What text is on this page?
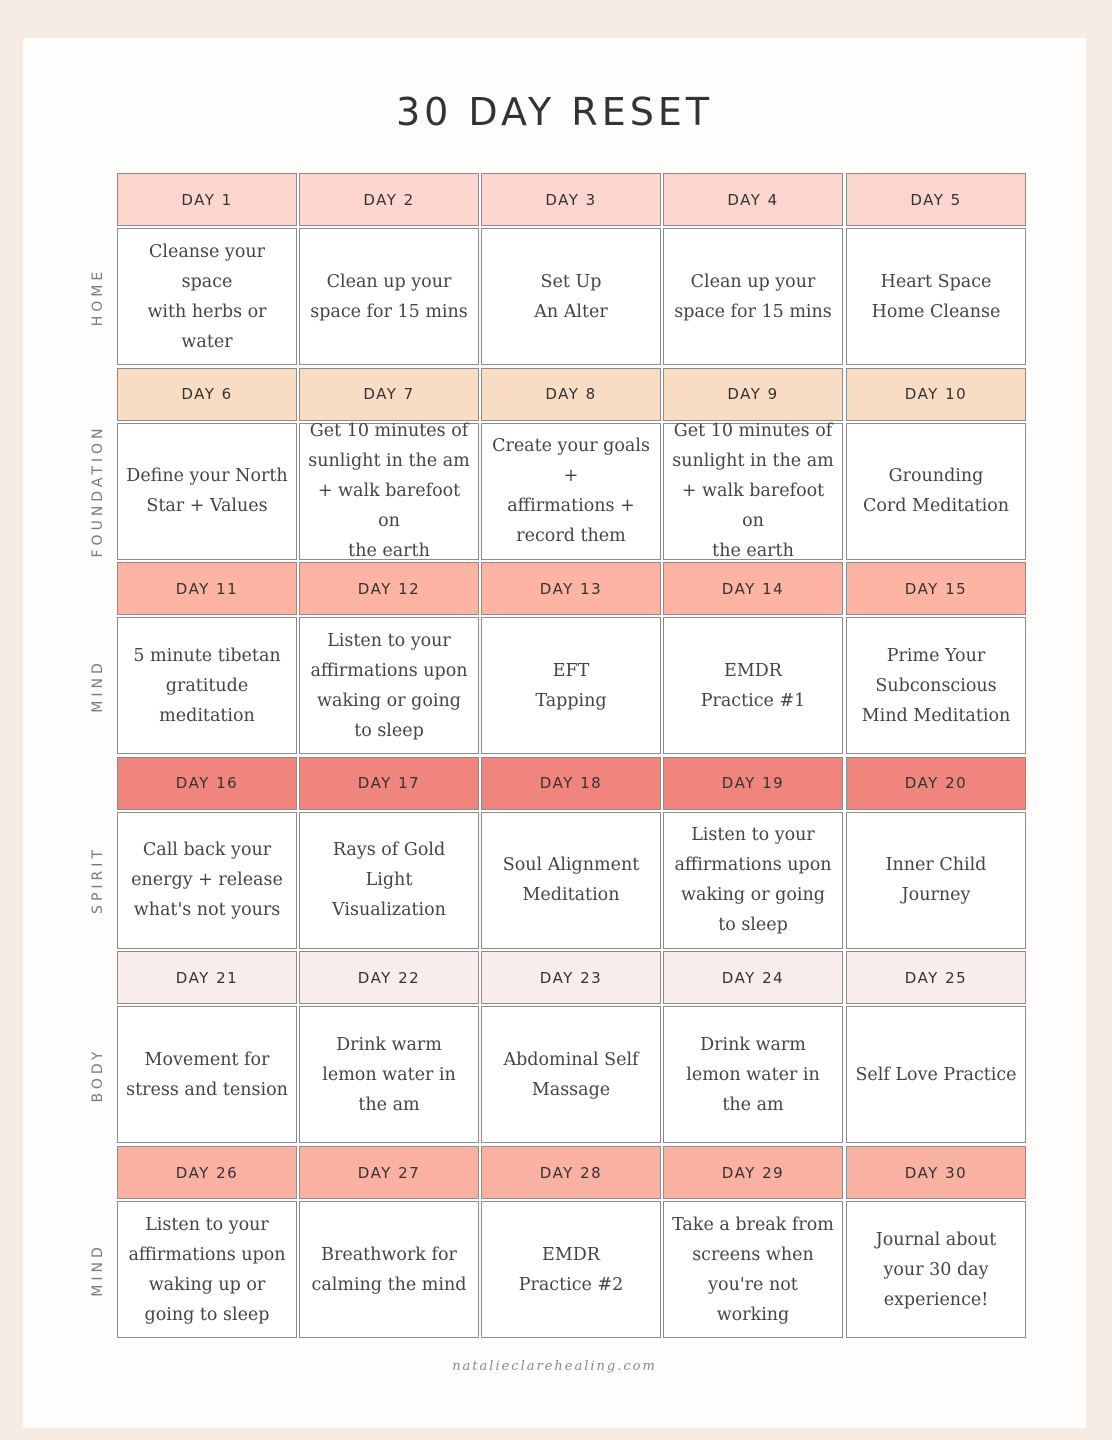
30 DAY RESET
HOME
DAY 1
Cleanse your space
with herbs or
water
DAY 2
Clean up your
space for 15 mins
DAY 3
Set Up
An Alter
DAY 4
Clean up your
space for 15 mins
DAY 5
Heart Space
Home Cleanse
FOUNDATION
DAY 6
Define your North
Star + Values
DAY 7
Get 10 minutes of
sunlight in the am
+ walk barefoot on
the earth
DAY 8
Create your goals +
affirmations +
record them
DAY 9
Get 10 minutes of
sunlight in the am
+ walk barefoot on
the earth
DAY 10
Grounding
Cord Meditation
MIND
DAY 11
5 minute tibetan
gratitude
meditation
DAY 12
Listen to your
affirmations upon
waking or going
to sleep
DAY 13
EFT
Tapping
DAY 14
EMDR
Practice #1
DAY 15
Prime Your
Subconscious
Mind Meditation
SPIRIT
DAY 16
Call back your
energy + release
what's not yours
DAY 17
Rays of Gold
Light
Visualization
DAY 18
Soul Alignment
Meditation
DAY 19
Listen to your
affirmations upon
waking or going
to sleep
DAY 20
Inner Child
Journey
BODY
DAY 21
Movement for
stress and tension
DAY 22
Drink warm
lemon water in
the am
DAY 23
Abdominal Self
Massage
DAY 24
Drink warm
lemon water in
the am
DAY 25
Self Love Practice
MIND
DAY 26
Listen to your
affirmations upon
waking up or
going to sleep
DAY 27
Breathwork for
calming the mind
DAY 28
EMDR
Practice #2
DAY 29
Take a break from
screens when
you're not
working
DAY 30
Journal about
your 30 day
experience!
natalieclarehealing.com
